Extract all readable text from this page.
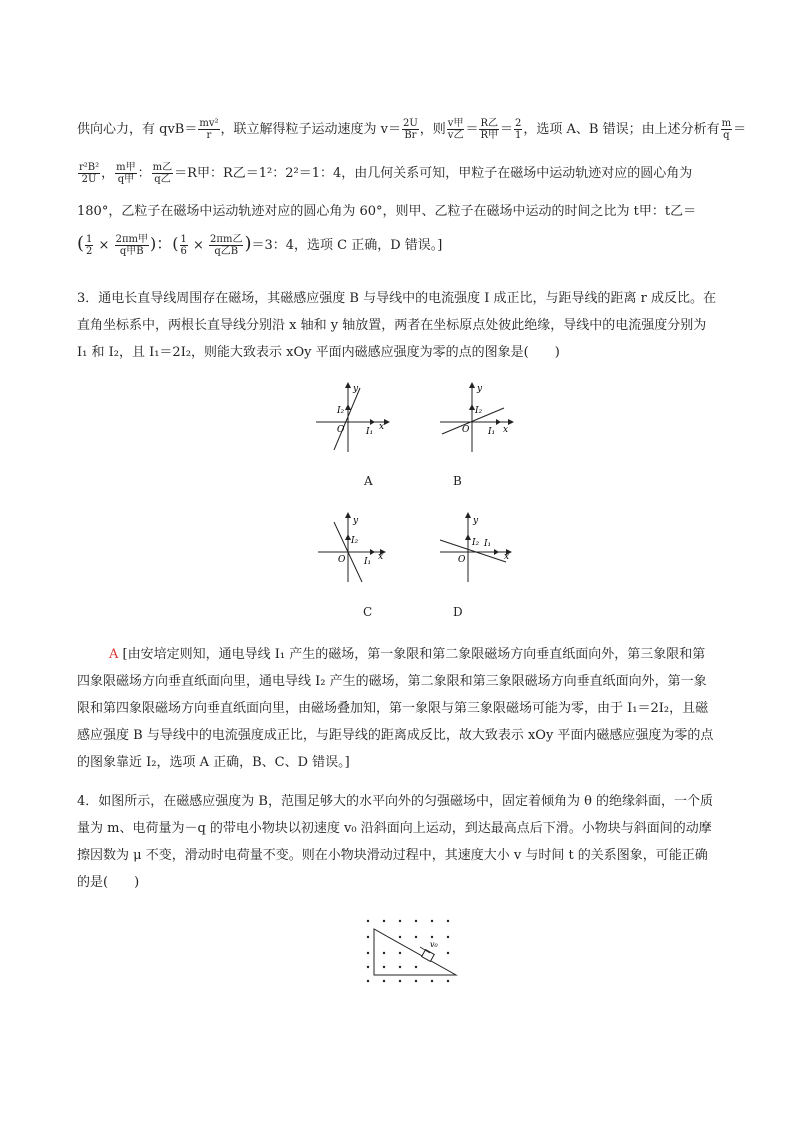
供向心力，有 $qvB= \frac{\text{mv²}}{r}$ ，联立解得粒子运动速度为 $v= \frac{2U}{Br}$ ，则 $\frac{\text{v甲}}{\text{v乙}} = \frac{\text{R乙}}{\text{R甲}} = \frac{2}{1}$ ，选项 A、B 错误；由上述分析有 $\frac{m}{q}$ ＝
$\frac{\text{r²B²}}{2U}$ ， $\frac{\text{m甲}}{\text{q甲}}$ ： $\frac{\text{m乙}}{\text{q乙}} =R$甲：R乙＝1²：2²＝1：4，由几何关系可知，甲粒子在磁场中运动轨迹对应的圆心角为
180°，乙粒子在磁场中运动轨迹对应的圆心角为 60°，则甲、乙粒子在磁场中运动的时间之比为 t甲：t乙＝
( $\frac{1}{2} \times \frac{\text{2πm甲}}{\text{q甲B}}$ )：( $\frac{1}{6} \times \frac{\text{2πm乙}}{\text{q乙B}} )=3$：4，选项 C 正确，D 错误。]
3．通电长直导线周围存在磁场，其磁感应强度 B 与导线中的电流强度 I 成正比，与距导线的距离 r 成反比。在直角坐标系中，两根长直导线分别沿 x 轴和 y 轴放置，两者在坐标原点处彼此绝缘，导线中的电流强度分别为 I₁ 和 I₂，且 I₁＝2I₂，则能大致表示 xOy 平面内磁感应强度为零的点的图象是(　　)
y
x
O I₁
I₂
A
y
x
O I₁
I₂
B
y
x
O I₁
I₂
C
y
x
O
I₁
I₂
D
A [由安培定则知，通电导线 I₁ 产生的磁场，第一象限和第二象限磁场方向垂直纸面向外，第三象限和第四象限磁场方向垂直纸面向里，通电导线 I₂ 产生的磁场，第二象限和第三象限磁场方向垂直纸面向外，第一象限和第四象限磁场方向垂直纸面向里，由磁场叠加知，第一象限与第三象限磁场可能为零，由于 I₁＝2I₂，且磁感应强度 B 与导线中的电流强度成正比，与距导线的距离成反比，故大致表示 xOy 平面内磁感应强度为零的点的图象靠近 I₂，选项 A 正确，B、C、D 错误。]
4．如图所示，在磁感应强度为 B，范围足够大的水平向外的匀强磁场中，固定着倾角为 θ 的绝缘斜面，一个质量为 m、电荷量为－q 的带电小物块以初速度 v₀ 沿斜面向上运动，到达最高点后下滑。小物块与斜面间的动摩擦因数为 μ 不变，滑动时电荷量不变。则在小物块滑动过程中，其速度大小 v 与时间 t 的关系图象，可能正确的是(　　)
v₀
